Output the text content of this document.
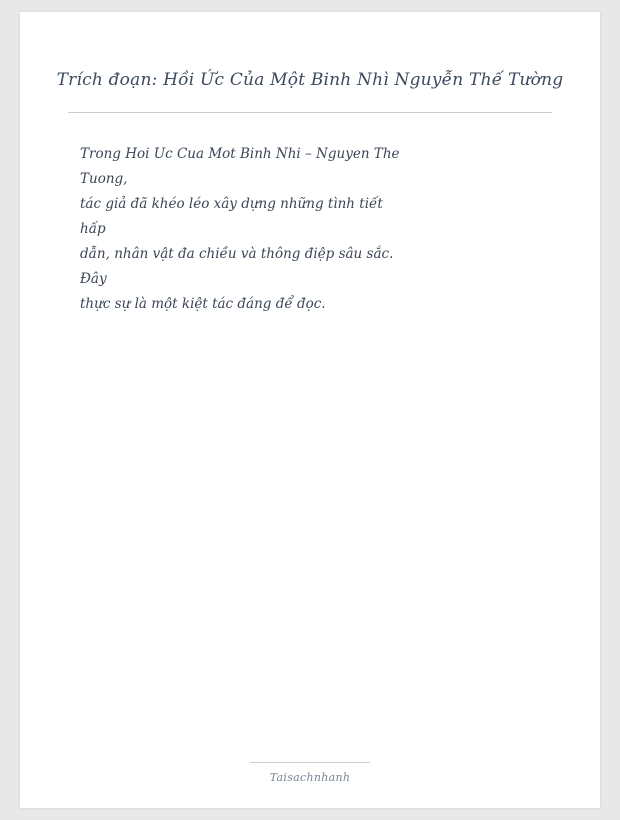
Trích đoạn: Hồi Ức Của Một Binh Nhì Nguyễn Thế Tường
Trong Hoi Uc Cua Mot Binh Nhi – Nguyen The
Tuong,
tác giả đã khéo léo xây dựng những tình tiết
hấp
dẫn, nhân vật đa chiều và thông điệp sâu sắc.
Đây
thực sự là một kiệt tác đáng để đọc.
Taisachnhanh
